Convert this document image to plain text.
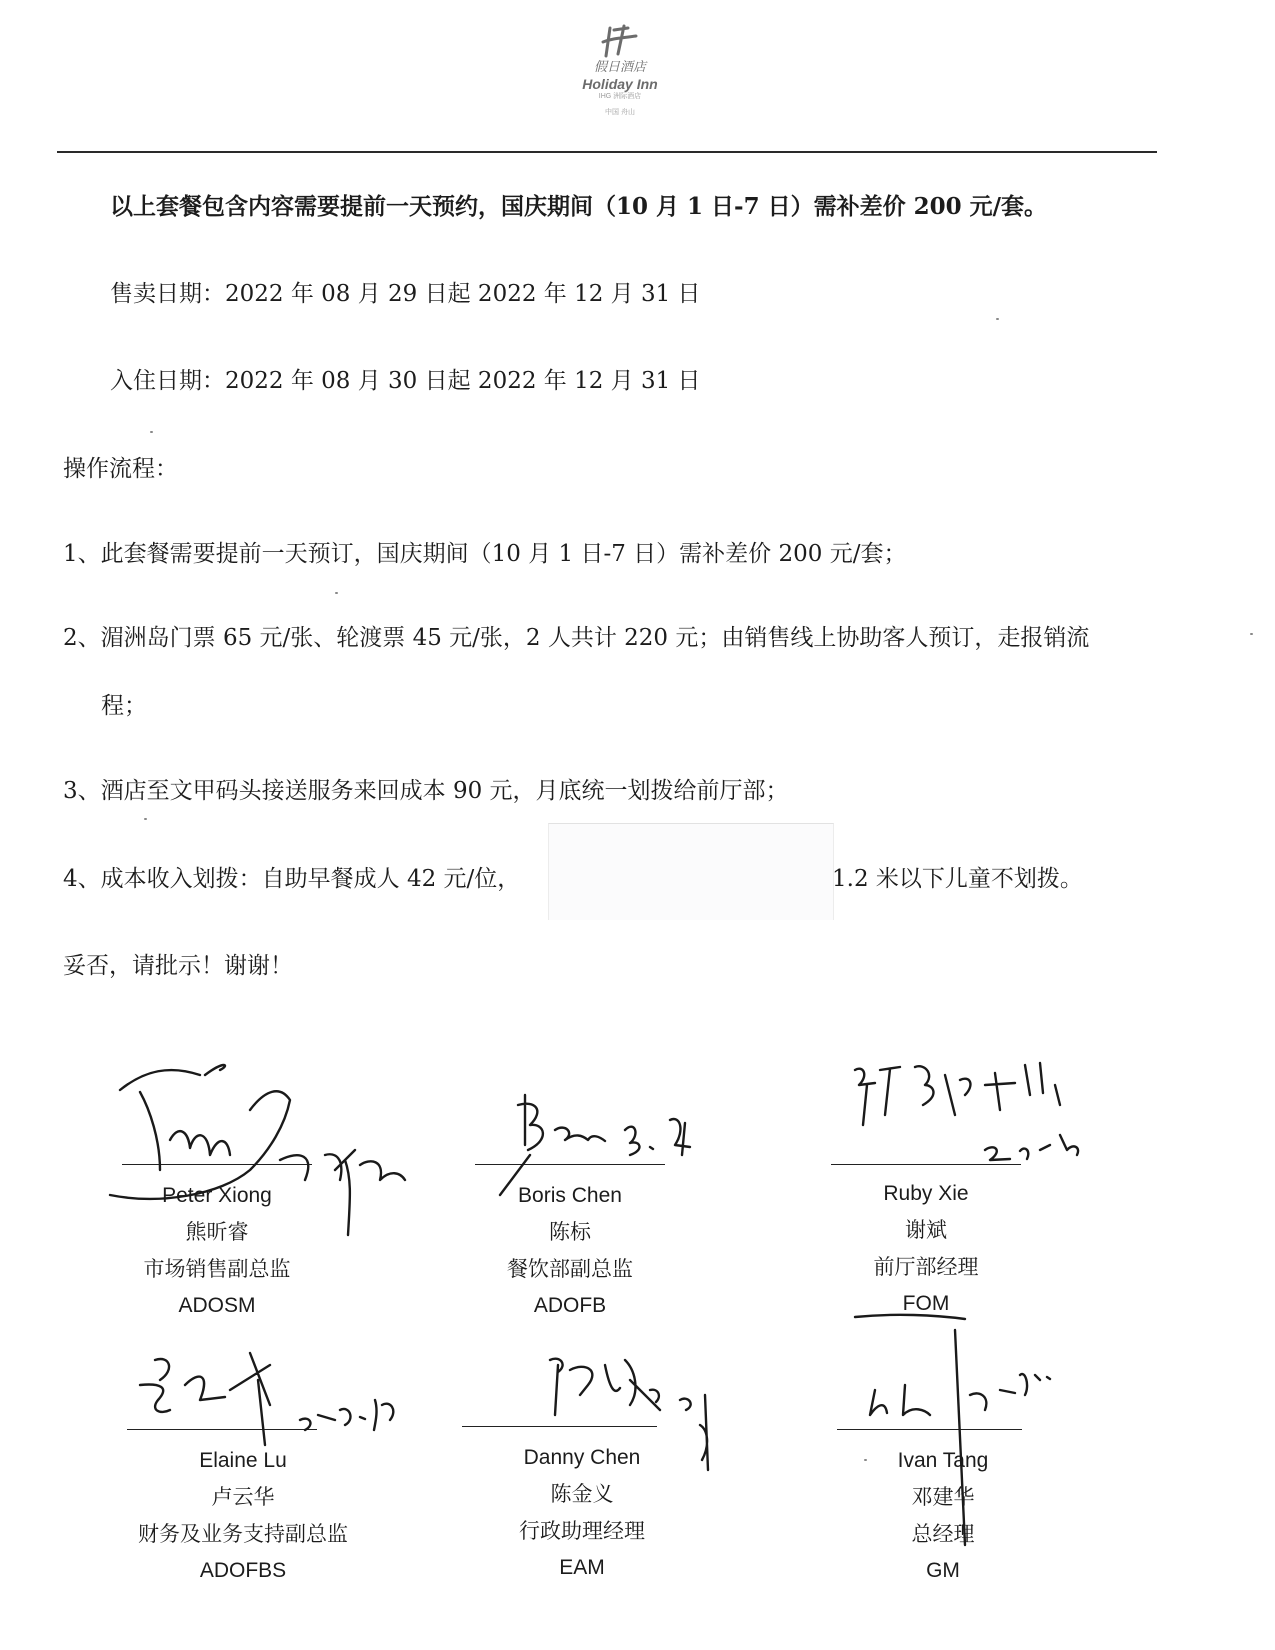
假日酒店
Holiday Inn
IHG 洲际酒店
中国 舟山
以上套餐包含内容需要提前一天预约，国庆期间（10 月 1 日-7 日）需补差价 200 元/套。
售卖日期：2022 年 08 月 29 日起 2022 年 12 月 31 日
入住日期：2022 年 08 月 30 日起 2022 年 12 月 31 日
操作流程：
1、此套餐需要提前一天预订，国庆期间（10 月 1 日-7 日）需补差价 200 元/套；
2、湄洲岛门票 65 元/张、轮渡票 45 元/张，2 人共计 220 元；由销售线上协助客人预订，走报销流
程；
3、酒店至文甲码头接送服务来回成本 90 元，月底统一划拨给前厅部；
4、成本收入划拨：自助早餐成人 42 元/位，	1.2 米以下儿童不划拨。
妥否，请批示！谢谢！
Peter Xiong
熊昕睿
市场销售副总监
ADOSM
Boris Chen
陈标
餐饮部副总监
ADOFB
Ruby Xie
谢斌
前厅部经理
FOM
Elaine Lu
卢云华
财务及业务支持副总监
ADOFBS
Danny Chen
陈金义
行政助理经理
EAM
Ivan Tang
邓建华
总经理
GM
